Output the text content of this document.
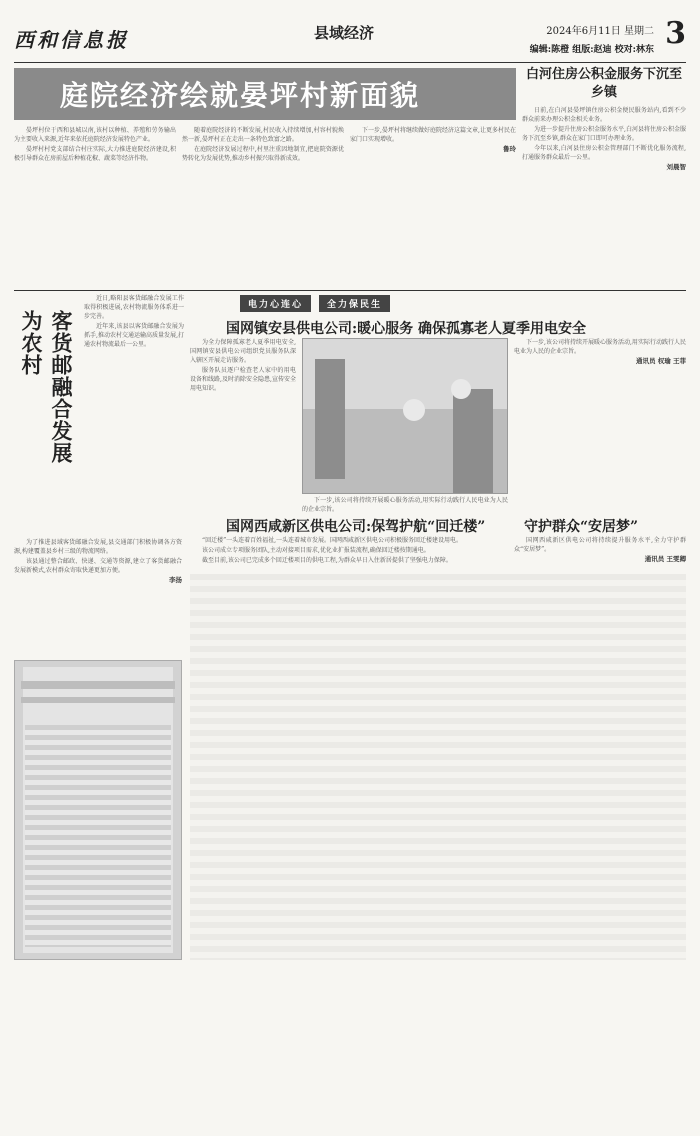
西和信息报	县域经济	2024年6月11日 星期二 3
编辑:陈橙 组版:赵迪 校对:林东
庭院经济绘就晏坪村新面貌

晏坪村位于西和县城以南,该村以种植、养殖和劳务输出为主要收入来源,近年来依托庭院经济发展特色产业。

晏坪村村党支部结合村庄实际,大力推进庭院经济建设,积极引导群众在房前屋后种植花椒、蔬菜等经济作物。

随着庭院经济的不断发展,村民收入持续增加,村容村貌焕然一新,晏坪村正在走出一条特色致富之路。

在庭院经济发展过程中,村里注重因地制宜,把庭院资源优势转化为发展优势,推动乡村振兴取得新成效。

下一步,晏坪村将继续做好庭院经济这篇文章,让更多村民在家门口实现增收。

鲁玲
白河住房公积金服务下沉至乡镇

日前,在白河县晏坪镇住房公积金便民服务站内,看到不少群众前来办理公积金相关业务。

为进一步提升住房公积金服务水平,白河县将住房公积金服务下沉至乡镇,群众在家门口即可办理业务。

今年以来,白河县住房公积金管理部门不断优化服务流程,打通服务群众最后一公里。

刘晨智
客货邮融合发展
为农村

近日,略阳县客货邮融合发展工作取得积极进展,农村物流服务体系进一步完善。

近年来,该县以客货邮融合发展为抓手,推动农村交通运输高质量发展,打通农村物流最后一公里。

为了推进县域客货邮融合发展,县交通部门积极协调各方资源,构建覆盖县乡村三级的物流网络。

该县通过整合邮政、快递、交通等资源,建立了客货邮融合发展新模式,农村群众寄取快递更加方便。

李扬
电力心连心	全力保民生
国网镇安县供电公司:暖心服务 确保孤寡老人夏季用电安全

为全力保障孤寡老人夏季用电安全,国网镇安县供电公司组织党员服务队深入辖区开展走访服务。

服务队员逐户检查老人家中的用电设备和线路,及时消除安全隐患,宣传安全用电知识。

下一步,该公司将持续开展暖心服务活动,用实际行动践行人民电业为人民的企业宗旨。

下一步,该公司将持续开展暖心服务活动,用实际行动践行人民电业为人民的企业宗旨。

通讯员 权瑜 王菲
国网西咸新区供电公司:保驾护航“回迁楼”

“回迁楼”一头连着百姓福祉,一头连着城市发展。国网西咸新区供电公司积极服务回迁楼建设用电。

该公司成立专项服务团队,主动对接项目需求,优化业扩报装流程,确保回迁楼按期通电。

截至目前,该公司已完成多个回迁楼项目的供电工程,为群众早日入住新居提供了坚强电力保障。

守护群众“安居梦”

国网西咸新区供电公司将持续提升服务水平,全力守护群众“安居梦”。

通讯员 王雯卿
